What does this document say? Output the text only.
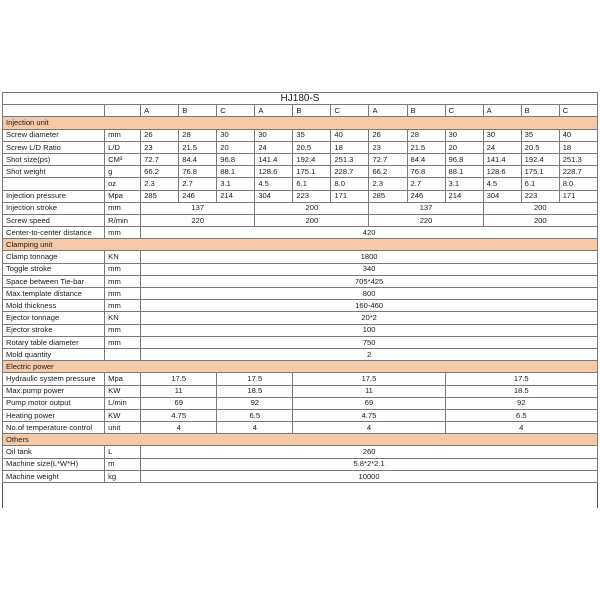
HJ180-S													
		A	B	C	A	B	C	A	B	C	A	B	C
Injection unit													
Screw diameter	mm	26	28	30	30	35	40	26	28	30	30	35	40
Screw L/D Ratio	L/D	23	21.5	20	24	20.5	18	23	21.5	20	24	20.5	18
Shot size(ps)	CM³	72.7	84.4	96.8	141.4	192.4	251.3	72.7	84.4	96.8	141.4	192.4	251.3
Shot weight	g	66.2	76.8	88.1	128.6	175.1	228.7	66.2	76.8	88.1	128.6	175.1	228.7
	oz	2.3	2.7	3.1	4.5	6.1	8.0	2.3	2.7	3.1	4.5	6.1	8.0
Injection pressure	Mpa	285	246	214	304	223	171	285	246	214	304	223	171
Injection stroke	mm	137			200			137			200		
Screw speed	R/min	220			200			220			200		
Center-to-center distance	mm	420											
Clamping unit													
Clamp tonnage	KN	1800											
Toggle stroke	mm	340											
Space between Tie-bar	mm	705*425											
Max.template distance	mm	800											
Mold thickness	mm	160-460											
Ejector tonnage	KN	20*2											
Ejector stroke	mm	100											
Rotary table diameter	mm	750											
Mold quantity		2											
Electric power													
Hydraulic system pressure	Mpa	17.5		17.5		17.5				17.5			
Max.pump power	KW	11		18.5		11				18.5			
Pump motor output	L/min	69		92		69				92			
Heating power	KW	4.75		6.5		4.75				6.5			
No.of temperature control	unit	4		4		4				4			
Others													
Oil tank	L	260											
Machine size(L*W*H)	m	5.8*2*2.1											
Machine weight	kg	10000											
